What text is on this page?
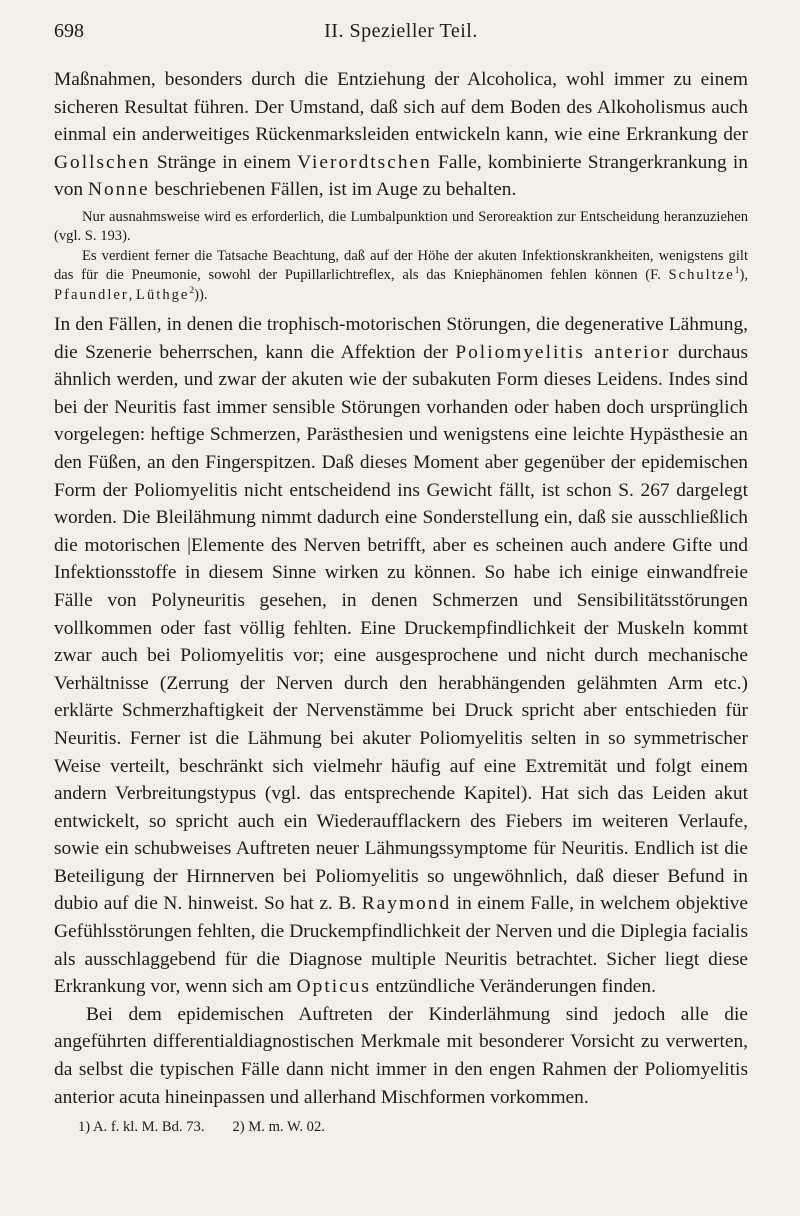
698	II. Spezieller Teil.

Maßnahmen, besonders durch die Entziehung der Alcoholica, wohl immer zu einem sicheren Resultat führen. Der Umstand, daß sich auf dem Boden des Alkoholismus auch einmal ein anderweitiges Rückenmarksleiden entwickeln kann, wie eine Erkrankung der Gollschen Stränge in einem Vierordtschen Falle, kombinierte Strangerkrankung in von Nonne beschriebenen Fällen, ist im Auge zu behalten.

Nur ausnahmsweise wird es erforderlich, die Lumbalpunktion und Seroreaktion zur Entscheidung heranzuziehen (vgl. S. 193).

Es verdient ferner die Tatsache Beachtung, daß auf der Höhe der akuten Infektionskrankheiten, wenigstens gilt das für die Pneumonie, sowohl der Pupillarlichtreflex, als das Kniephänomen fehlen können (F. Schultze$^1$), Pfaundler, Lüthge$^2$)).

In den Fällen, in denen die trophisch-motorischen Störungen, die degenerative Lähmung, die Szenerie beherrschen, kann die Affektion der Poliomyelitis anterior durchaus ähnlich werden, und zwar der akuten wie der subakuten Form dieses Leidens. Indes sind bei der Neuritis fast immer sensible Störungen vorhanden oder haben doch ursprünglich vorgelegen: heftige Schmerzen, Parästhesien und wenigstens eine leichte Hypästhesie an den Füßen, an den Fingerspitzen. Daß dieses Moment aber gegenüber der epidemischen Form der Poliomyelitis nicht entscheidend ins Gewicht fällt, ist schon S. 267 dargelegt worden. Die Bleilähmung nimmt dadurch eine Sonderstellung ein, daß sie ausschließlich die motorischen |Elemente des Nerven betrifft, aber es scheinen auch andere Gifte und Infektionsstoffe in diesem Sinne wirken zu können. So habe ich einige einwandfreie Fälle von Polyneuritis gesehen, in denen Schmerzen und Sensibilitätsstörungen vollkommen oder fast völlig fehlten. Eine Druckempfindlichkeit der Muskeln kommt zwar auch bei Poliomyelitis vor; eine ausgesprochene und nicht durch mechanische Verhältnisse (Zerrung der Nerven durch den herabhängenden gelähmten Arm etc.) erklärte Schmerzhaftigkeit der Nervenstämme bei Druck spricht aber entschieden für Neuritis. Ferner ist die Lähmung bei akuter Poliomyelitis selten in so symmetrischer Weise verteilt, beschränkt sich vielmehr häufig auf eine Extremität und folgt einem andern Verbreitungstypus (vgl. das entsprechende Kapitel). Hat sich das Leiden akut entwickelt, so spricht auch ein Wiederaufflackern des Fiebers im weiteren Verlaufe, sowie ein schubweises Auftreten neuer Lähmungssymptome für Neuritis. Endlich ist die Beteiligung der Hirnnerven bei Poliomyelitis so ungewöhnlich, daß dieser Befund in dubio auf die N. hinweist. So hat z. B. Raymond in einem Falle, in welchem objektive Gefühlsstörungen fehlten, die Druckempfindlichkeit der Nerven und die Diplegia facialis als ausschlaggebend für die Diagnose multiple Neuritis betrachtet. Sicher liegt diese Erkrankung vor, wenn sich am Opticus entzündliche Veränderungen finden.

Bei dem epidemischen Auftreten der Kinderlähmung sind jedoch alle die angeführten differentialdiagnostischen Merkmale mit besonderer Vorsicht zu verwerten, da selbst die typischen Fälle dann nicht immer in den engen Rahmen der Poliomyelitis anterior acuta hineinpassen und allerhand Mischformen vorkommen.

1) A. f. kl. M. Bd. 73. 2) M. m. W. 02.
